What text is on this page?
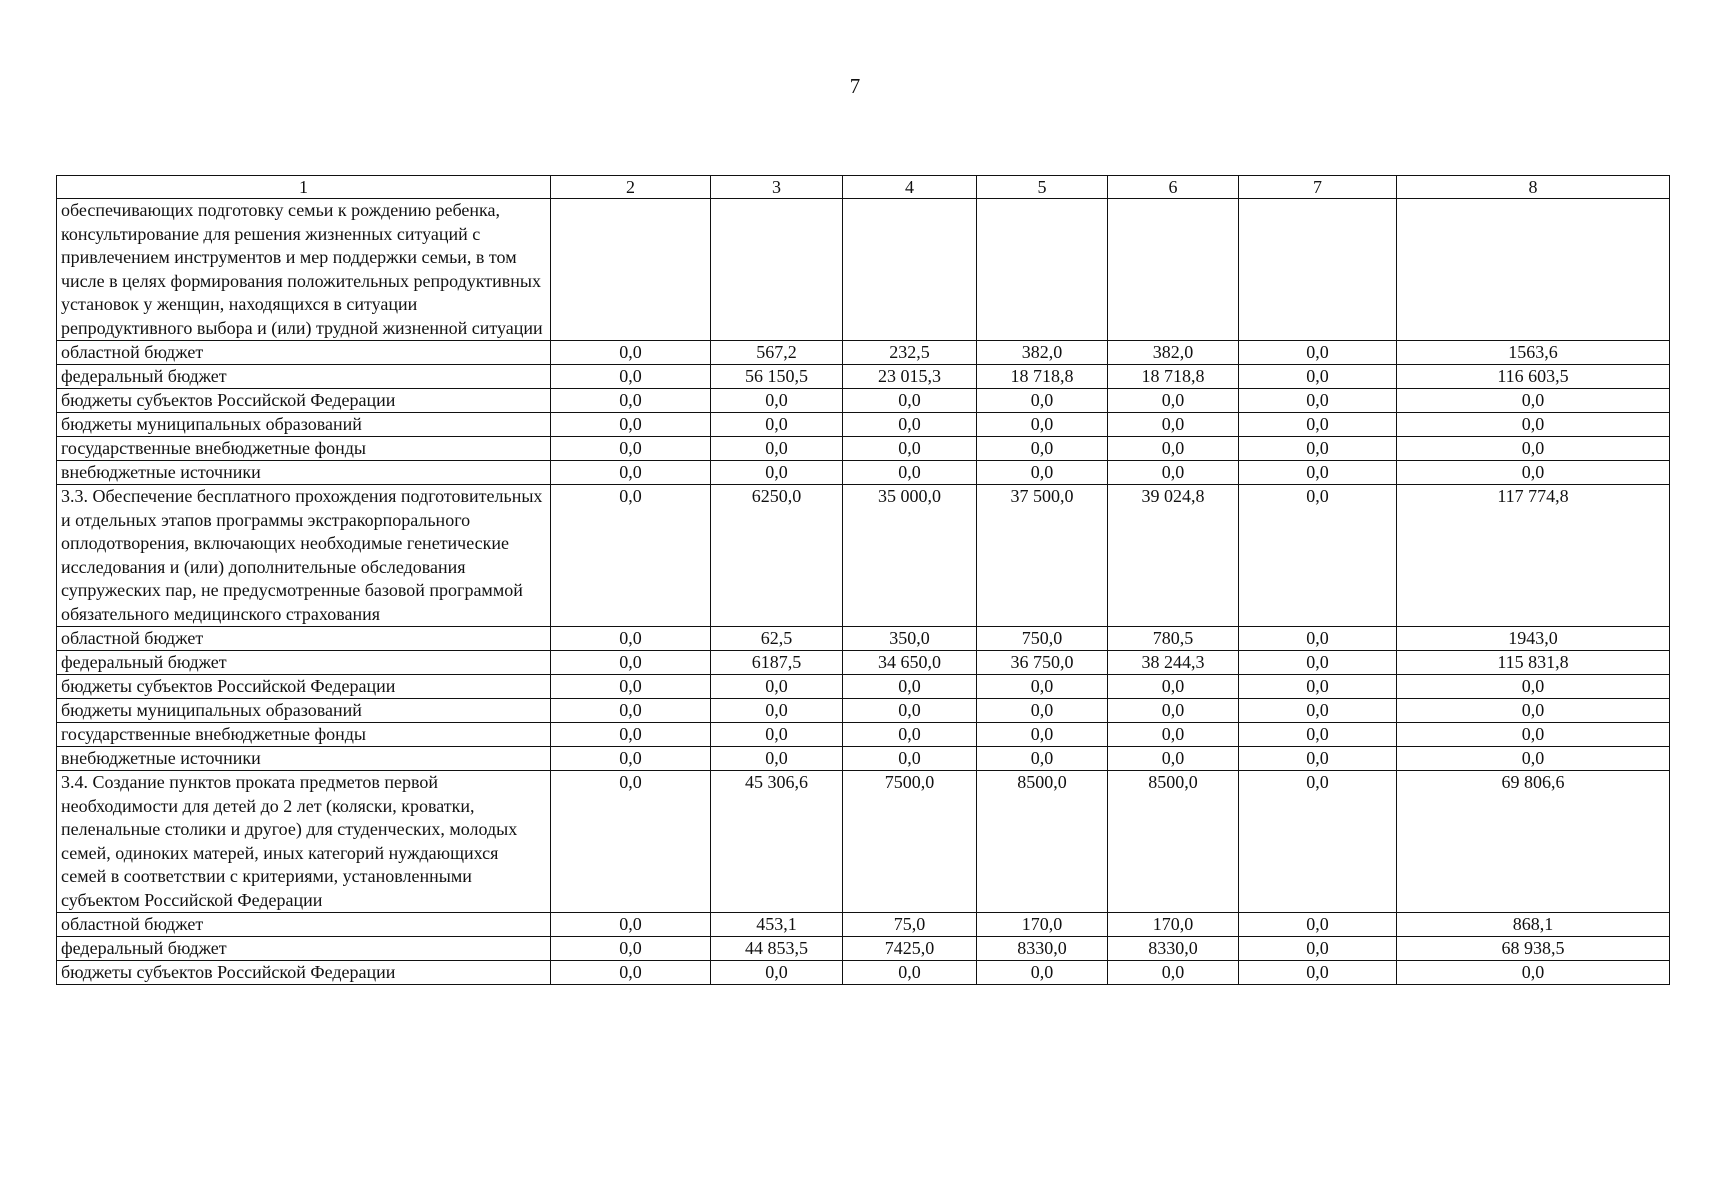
7
1	2	3	4	5	6	7	8
обеспечивающих подготовку семьи к рождению ребенка, консультирование для решения жизненных ситуаций с привлечением инструментов и мер поддержки семьи, в том числе в целях формирования положительных репродуктивных установок у женщин, находящихся в ситуации репродуктивного выбора и (или) трудной жизненной ситуации							
областной бюджет	0,0	567,2	232,5	382,0	382,0	0,0	1563,6
федеральный бюджет	0,0	56 150,5	23 015,3	18 718,8	18 718,8	0,0	116 603,5
бюджеты субъектов Российской Федерации	0,0	0,0	0,0	0,0	0,0	0,0	0,0
бюджеты муниципальных образований	0,0	0,0	0,0	0,0	0,0	0,0	0,0
государственные внебюджетные фонды	0,0	0,0	0,0	0,0	0,0	0,0	0,0
внебюджетные источники	0,0	0,0	0,0	0,0	0,0	0,0	0,0
3.3. Обеспечение бесплатного прохождения подготовительных и отдельных этапов программы экстракорпорального оплодотворения, включающих необходимые генетические исследования и (или) дополнительные обследования супружеских пар, не предусмотренные базовой программой обязательного медицинского страхования	0,0	6250,0	35 000,0	37 500,0	39 024,8	0,0	117 774,8
областной бюджет	0,0	62,5	350,0	750,0	780,5	0,0	1943,0
федеральный бюджет	0,0	6187,5	34 650,0	36 750,0	38 244,3	0,0	115 831,8
бюджеты субъектов Российской Федерации	0,0	0,0	0,0	0,0	0,0	0,0	0,0
бюджеты муниципальных образований	0,0	0,0	0,0	0,0	0,0	0,0	0,0
государственные внебюджетные фонды	0,0	0,0	0,0	0,0	0,0	0,0	0,0
внебюджетные источники	0,0	0,0	0,0	0,0	0,0	0,0	0,0
3.4. Создание пунктов проката предметов первой необходимости для детей до 2 лет (коляски, кроватки, пеленальные столики и другое) для студенческих, молодых семей, одиноких матерей, иных категорий нуждающихся семей в соответствии с критериями, установленными субъектом Российской Федерации	0,0	45 306,6	7500,0	8500,0	8500,0	0,0	69 806,6
областной бюджет	0,0	453,1	75,0	170,0	170,0	0,0	868,1
федеральный бюджет	0,0	44 853,5	7425,0	8330,0	8330,0	0,0	68 938,5
бюджеты субъектов Российской Федерации	0,0	0,0	0,0	0,0	0,0	0,0	0,0
